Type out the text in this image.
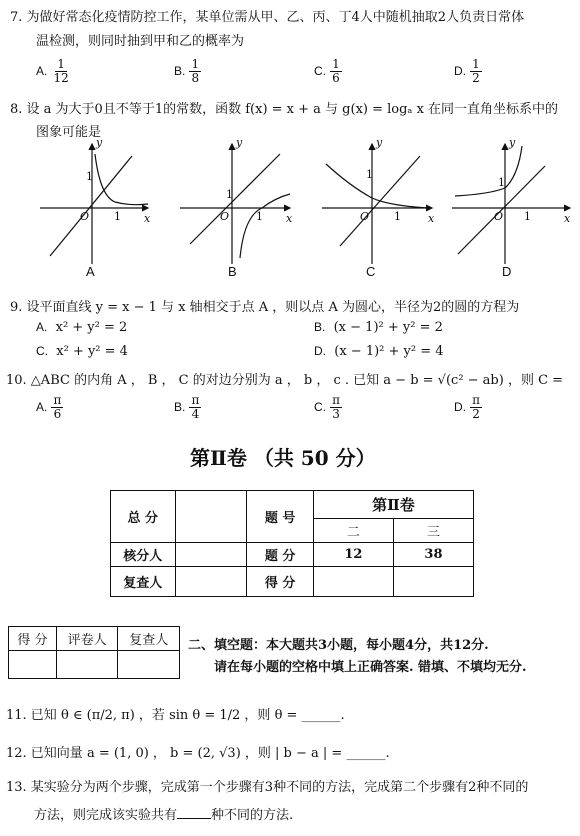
7. 为做好常态化疫情防控工作，某单位需从甲、乙、丙、丁4人中随机抽取2人负责日常体
温检测，则同时抽到甲和乙的概率为
A. $\frac{1}{12}$	B. $\frac{1}{8}$	C. $\frac{1}{6}$	D. $\frac{1}{2}$
8. 设 a 为大于0且不等于1的常数，函数 f(x) = x + a 与 g(x) = logₐ x 在同一直角坐标系中的
图象可能是
y
x
O
1
1
y
x
O
1
1
y
x
O
1
1
y
x
O
1
1
A	B	C	D
9. 设平面直线 y = x − 1 与 x 轴相交于点 A ，则以点 A 为圆心，半径为2的圆的方程为
A. x² + y² = 2	B. (x − 1)² + y² = 2
C. x² + y² = 4	D. (x − 1)² + y² = 4
10. △ABC 的内角 A ， B ， C 的对边分别为 a ， b ， c . 已知 a − b = √(c² − ab) ，则 C =
A. $\frac{\pi}{6}$	B. $\frac{\pi}{4}$	C. $\frac{\pi}{3}$	D. $\frac{\pi}{2}$
第Ⅱ卷 （共 50 分）
总 分		题 号	第Ⅱ卷	
			二	三
核分人		题 分	12	38
复查人		得 分		
得 分	评卷人	复查人
		二、填空题：本大题共3小题，每小题4分，共12分.
请在每小题的空格中填上正确答案. 错填、不填均无分.
11. 已知 θ ∈ (π/2, π) ，若 sin θ = 1/2 ，则 θ = ______.
12. 已知向量 a = (1, 0) ， b = (2, √3) ，则 | b − a | = ______.
13. 某实验分为两个步骤，完成第一个步骤有3种不同的方法，完成第二个步骤有2种不同的
方法，则完成该实验共有	种不同的方法.
